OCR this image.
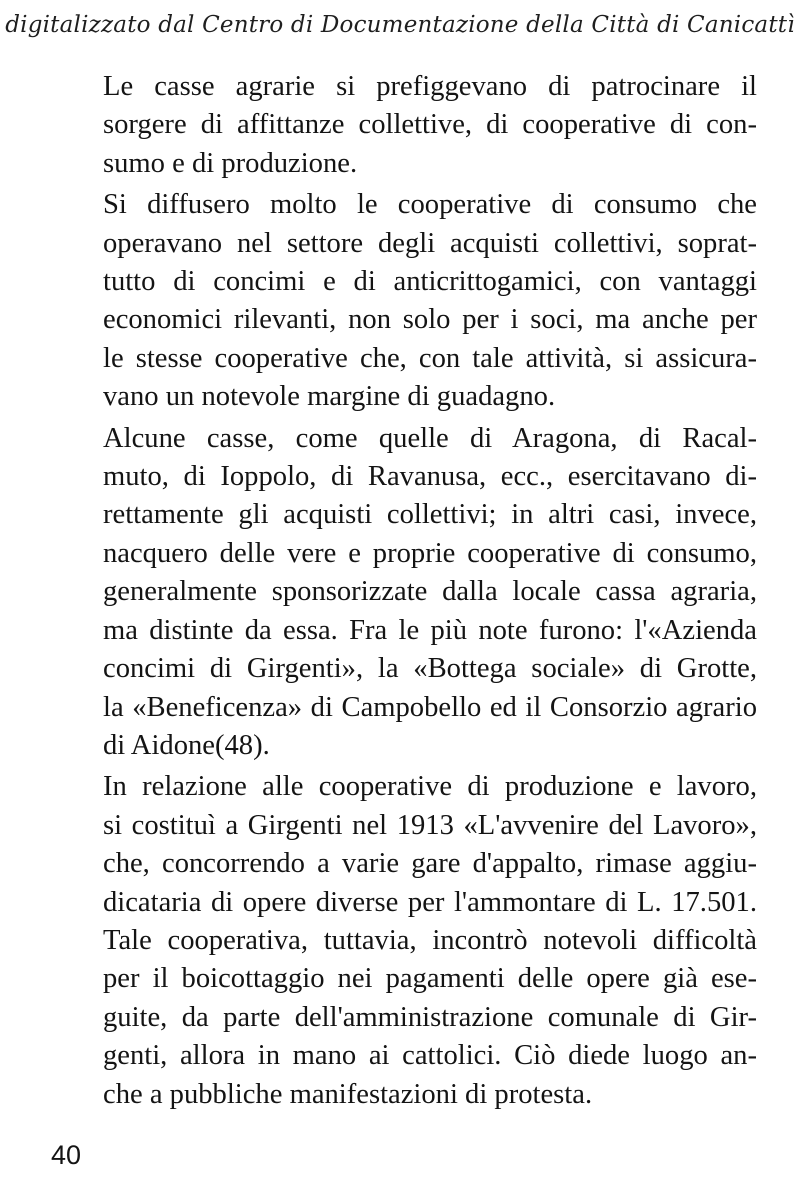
digitalizzato dal Centro di Documentazione della Città di Canicattì

Le casse agrarie si prefiggevano di patrocinare il
sorgere di affittanze collettive, di cooperative di con-
sumo e di produzione.

Si diffusero molto le cooperative di consumo che
operavano nel settore degli acquisti collettivi, soprat-
tutto di concimi e di anticrittogamici, con vantaggi
economici rilevanti, non solo per i soci, ma anche per
le stesse cooperative che, con tale attività, si assicura-
vano un notevole margine di guadagno.

Alcune casse, come quelle di Aragona, di Racal-
muto, di Ioppolo, di Ravanusa, ecc., esercitavano di-
rettamente gli acquisti collettivi; in altri casi, invece,
nacquero delle vere e proprie cooperative di consumo,
generalmente sponsorizzate dalla locale cassa agraria,
ma distinte da essa. Fra le più note furono: l'«Azienda
concimi di Girgenti», la «Bottega sociale» di Grotte,
la «Beneficenza» di Campobello ed il Consorzio agrario
di Aidone(48).

In relazione alle cooperative di produzione e lavoro,
si costituì a Girgenti nel 1913 «L'avvenire del Lavoro»,
che, concorrendo a varie gare d'appalto, rimase aggiu-
dicataria di opere diverse per l'ammontare di L. 17.501.
Tale cooperativa, tuttavia, incontrò notevoli difficoltà
per il boicottaggio nei pagamenti delle opere già ese-
guite, da parte dell'amministrazione comunale di Gir-
genti, allora in mano ai cattolici. Ciò diede luogo an-
che a pubbliche manifestazioni di protesta.

40
